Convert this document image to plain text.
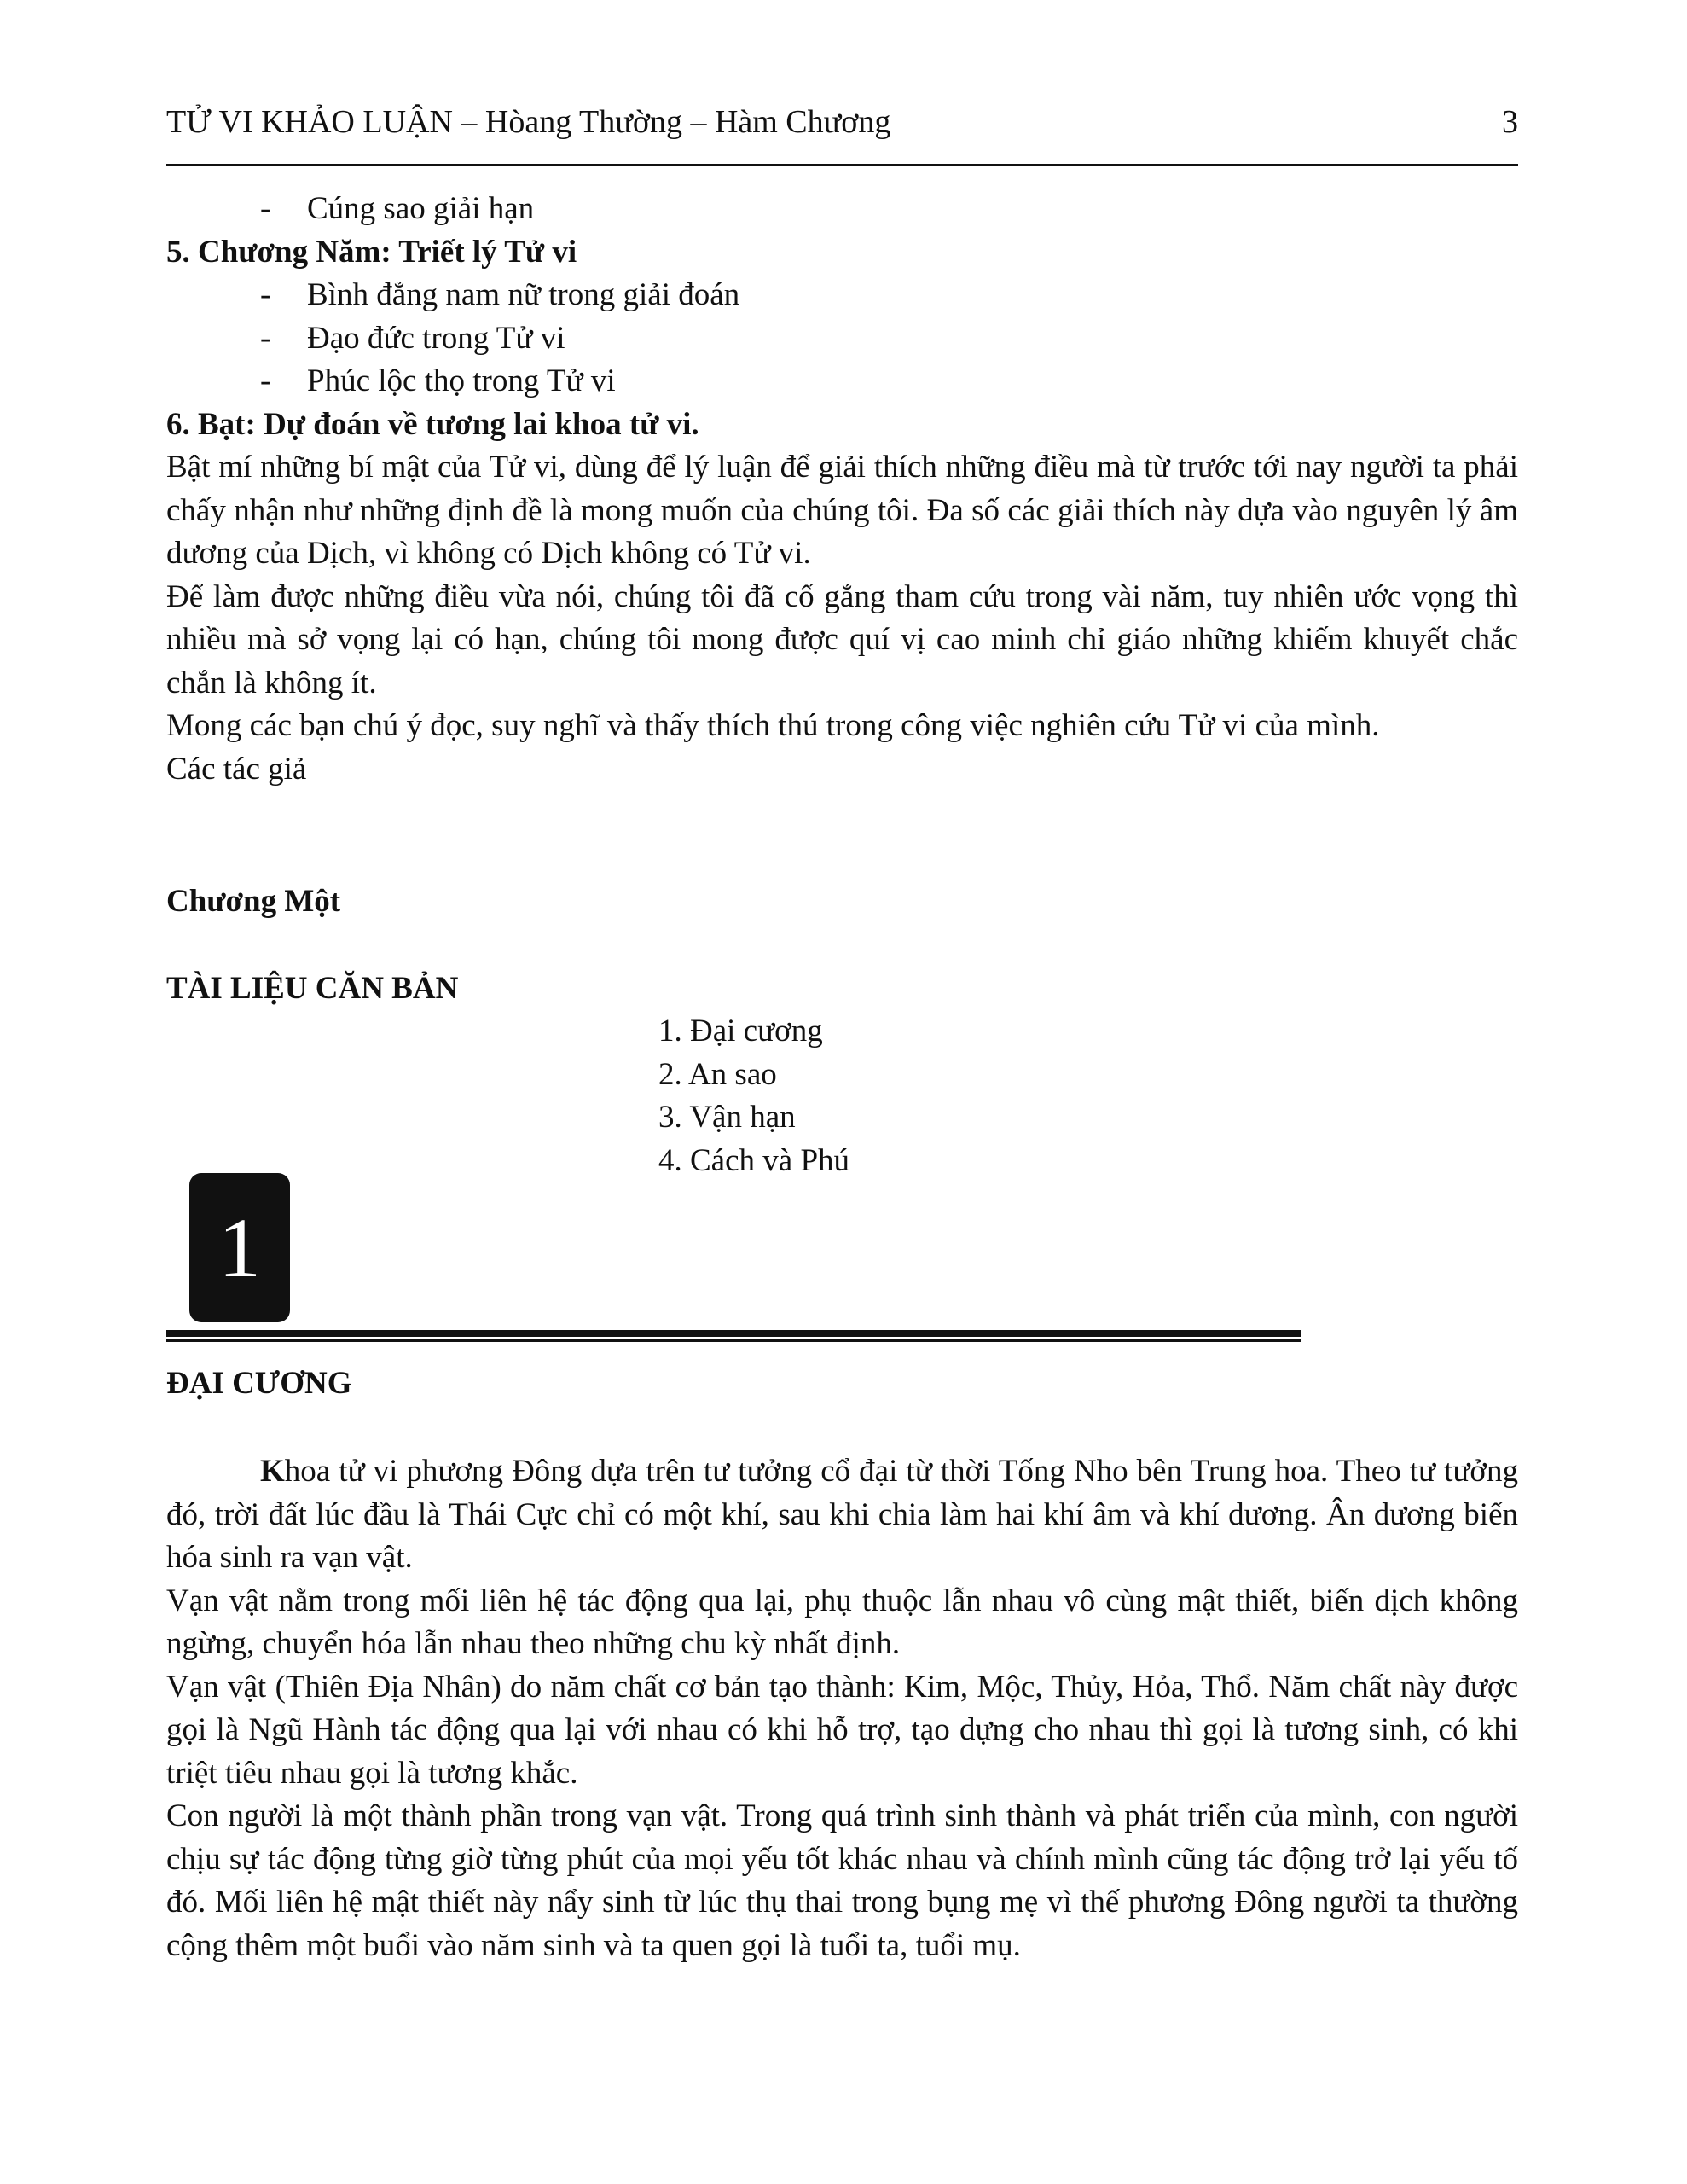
TỬ VI KHẢO LUẬN – Hòang Thường – Hàm Chương	3
- Cúng sao giải hạn
5. Chương Năm: Triết lý Tử vi
- Bình đẳng nam nữ trong giải đoán
- Đạo đức trong Tử vi
- Phúc lộc thọ trong Tử vi
6. Bạt: Dự đoán về tương lai khoa tử vi.

Bật mí những bí mật của Tử vi, dùng để lý luận để giải thích những điều mà từ trước tới nay người ta phải chấy nhận như những định đề là mong muốn của chúng tôi. Đa số các giải thích này dựa vào nguyên lý âm dương của Dịch, vì không có Dịch không có Tử vi.

Để làm được những điều vừa nói, chúng tôi đã cố gắng tham cứu trong vài năm, tuy nhiên ước vọng thì nhiều mà sở vọng lại có hạn, chúng tôi mong được quí vị cao minh chỉ giáo những khiếm khuyết chắc chắn là không ít.

Mong các bạn chú ý đọc, suy nghĩ và thấy thích thú trong công việc nghiên cứu Tử vi của mình.

Các tác giả

Chương Một
TÀI LIỆU CĂN BẢN
1. Đại cương
2. An sao
3. Vận hạn
4. Cách và Phú
1
ĐẠI CƯƠNG

Khoa tử vi phương Đông dựa trên tư tưởng cổ đại từ thời Tống Nho bên Trung hoa. Theo tư tưởng đó, trời đất lúc đầu là Thái Cực chỉ có một khí, sau khi chia làm hai khí âm và khí dương. Ân dương biến hóa sinh ra vạn vật.

Vạn vật nằm trong mối liên hệ tác động qua lại, phụ thuộc lẫn nhau vô cùng mật thiết, biến dịch không ngừng, chuyển hóa lẫn nhau theo những chu kỳ nhất định.

Vạn vật (Thiên Địa Nhân) do năm chất cơ bản tạo thành: Kim, Mộc, Thủy, Hỏa, Thổ. Năm chất này được gọi là Ngũ Hành tác động qua lại với nhau có khi hỗ trợ, tạo dựng cho nhau thì gọi là tương sinh, có khi triệt tiêu nhau gọi là tương khắc.

Con người là một thành phần trong vạn vật. Trong quá trình sinh thành và phát triển của mình, con người chịu sự tác động từng giờ từng phút của mọi yếu tốt khác nhau và chính mình cũng tác động trở lại yếu tố đó. Mối liên hệ mật thiết này nẩy sinh từ lúc thụ thai trong bụng mẹ vì thế phương Đông người ta thường cộng thêm một buổi vào năm sinh và ta quen gọi là tuổi ta, tuổi mụ.
